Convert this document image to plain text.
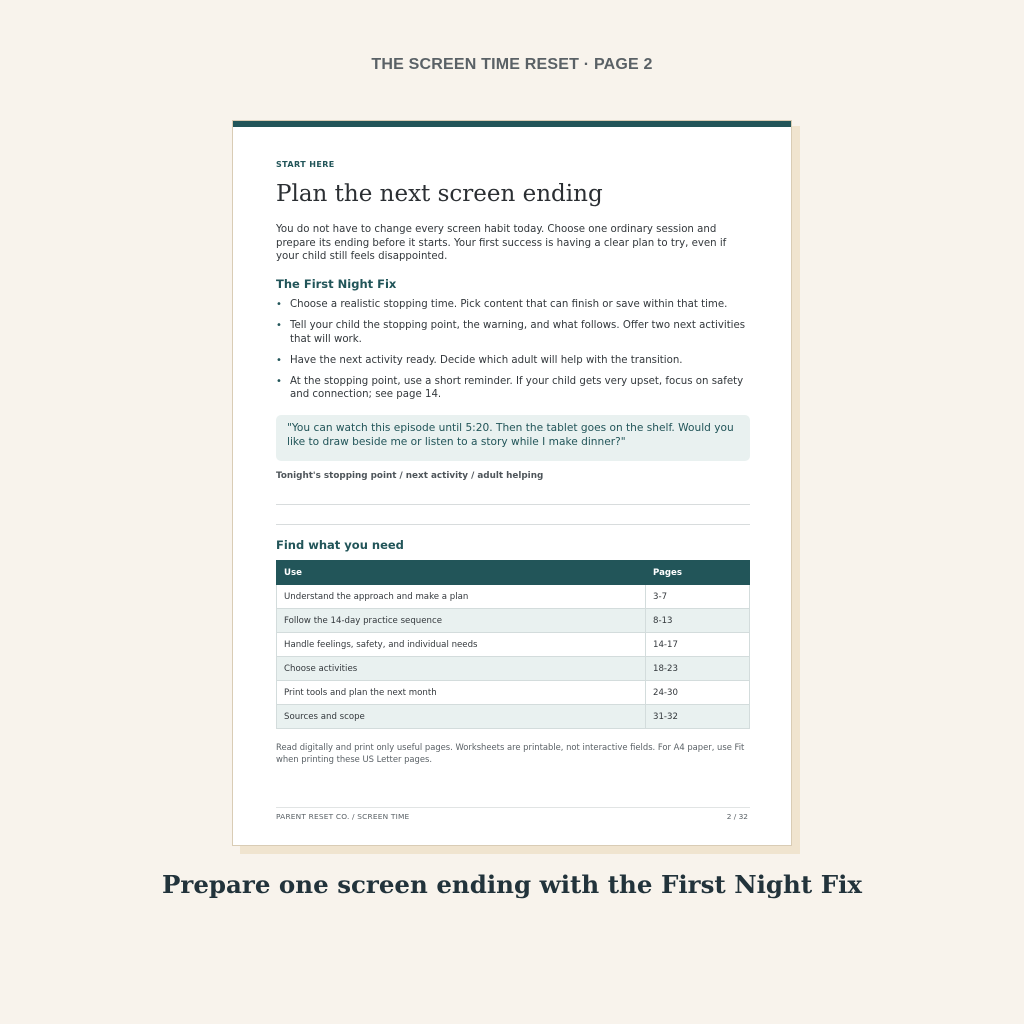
THE SCREEN TIME RESET · PAGE 2
START HERE
Plan the next screen ending

You do not have to change every screen habit today. Choose one ordinary session and prepare its ending before it starts. Your first success is having a clear plan to try, even if your child still feels disappointed.

The First Night Fix
• Choose a realistic stopping time. Pick content that can finish or save within that time.
• Tell your child the stopping point, the warning, and what follows. Offer two next activities that will work.
• Have the next activity ready. Decide which adult will help with the transition.
• At the stopping point, use a short reminder. If your child gets very upset, focus on safety and connection; see page 14.
"You can watch this episode until 5:20. Then the tablet goes on the shelf. Would you like to draw beside me or listen to a story while I make dinner?"
Tonight's stopping point / next activity / adult helping
Find what you need
Use	Pages
Understand the approach and make a plan	3-7
Follow the 14-day practice sequence	8-13
Handle feelings, safety, and individual needs	14-17
Choose activities	18-23
Print tools and plan the next month	24-30
Sources and scope	31-32

Read digitally and print only useful pages. Worksheets are printable, not interactive fields. For A4 paper, use Fit when printing these US Letter pages.

PARENT RESET CO. / SCREEN TIME	2 / 32
Prepare one screen ending with the First Night Fix
